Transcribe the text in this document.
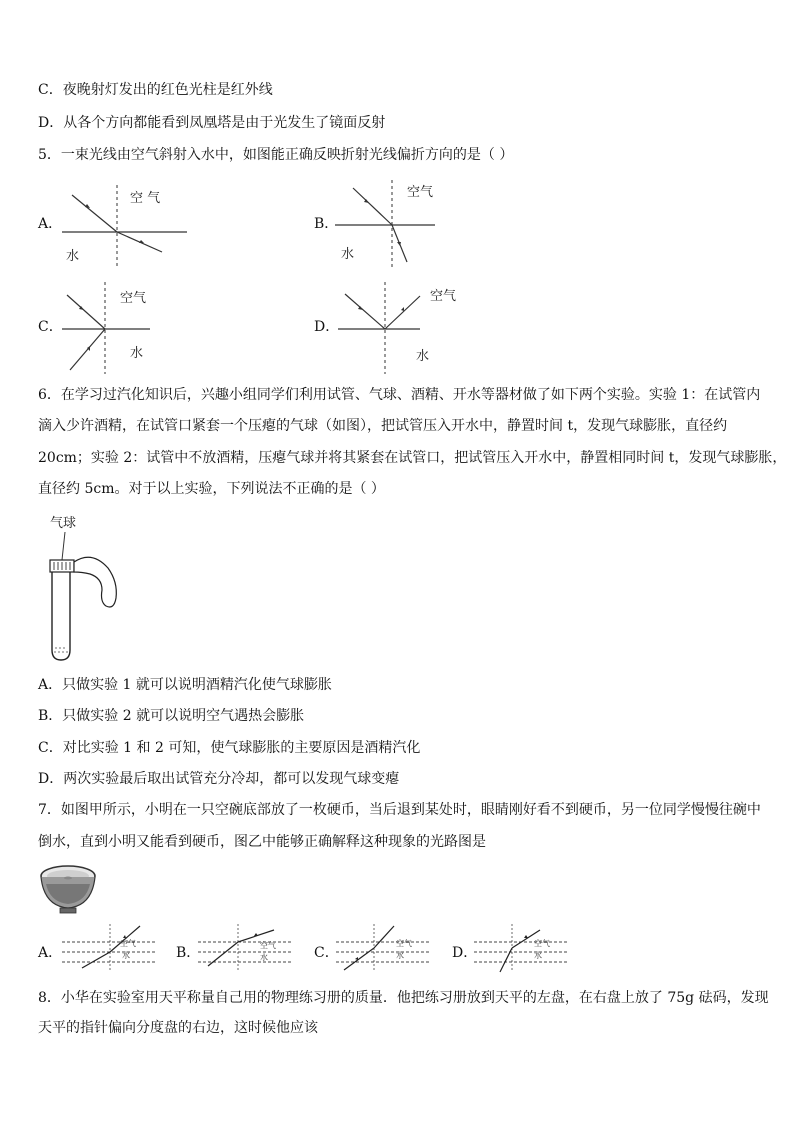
C．夜晚射灯发出的红色光柱是红外线
D．从各个方向都能看到凤凰塔是由于光发生了镜面反射
5．一束光线由空气斜射入水中，如图能正确反映折射光线偏折方向的是（ ）
A．
空 气
水
B．
空气
水
C．
空气
水
D．
空气
水
6．在学习过汽化知识后，兴趣小组同学们利用试管、气球、酒精、开水等器材做了如下两个实验。实验 1：在试管内
滴入少许酒精，在试管口紧套一个压瘪的气球（如图），把试管压入开水中，静置时间 t，发现气球膨胀，直径约
20cm；实验 2：试管中不放酒精，压瘪气球并将其紧套在试管口，把试管压入开水中，静置相同时间 t，发现气球膨胀，
直径约 5cm。对于以上实验，下列说法不正确的是（ ）
气球
A．只做实验 1 就可以说明酒精汽化使气球膨胀
B．只做实验 2 就可以说明空气遇热会膨胀
C．对比实验 1 和 2 可知，使气球膨胀的主要原因是酒精汽化
D．两次实验最后取出试管充分冷却，都可以发现气球变瘪
7．如图甲所示，小明在一只空碗底部放了一枚硬币，当后退到某处时，眼睛刚好看不到硬币，另一位同学慢慢往碗中
倒水，直到小明又能看到硬币，图乙中能够正确解释这种现象的光路图是
A．
空气
水	B．	空气
水	C．
空气
水	D．
空气
水
8．小华在实验室用天平称量自己用的物理练习册的质量．他把练习册放到天平的左盘，在右盘上放了 75g 砝码，发现
天平的指针偏向分度盘的右边，这时候他应该
